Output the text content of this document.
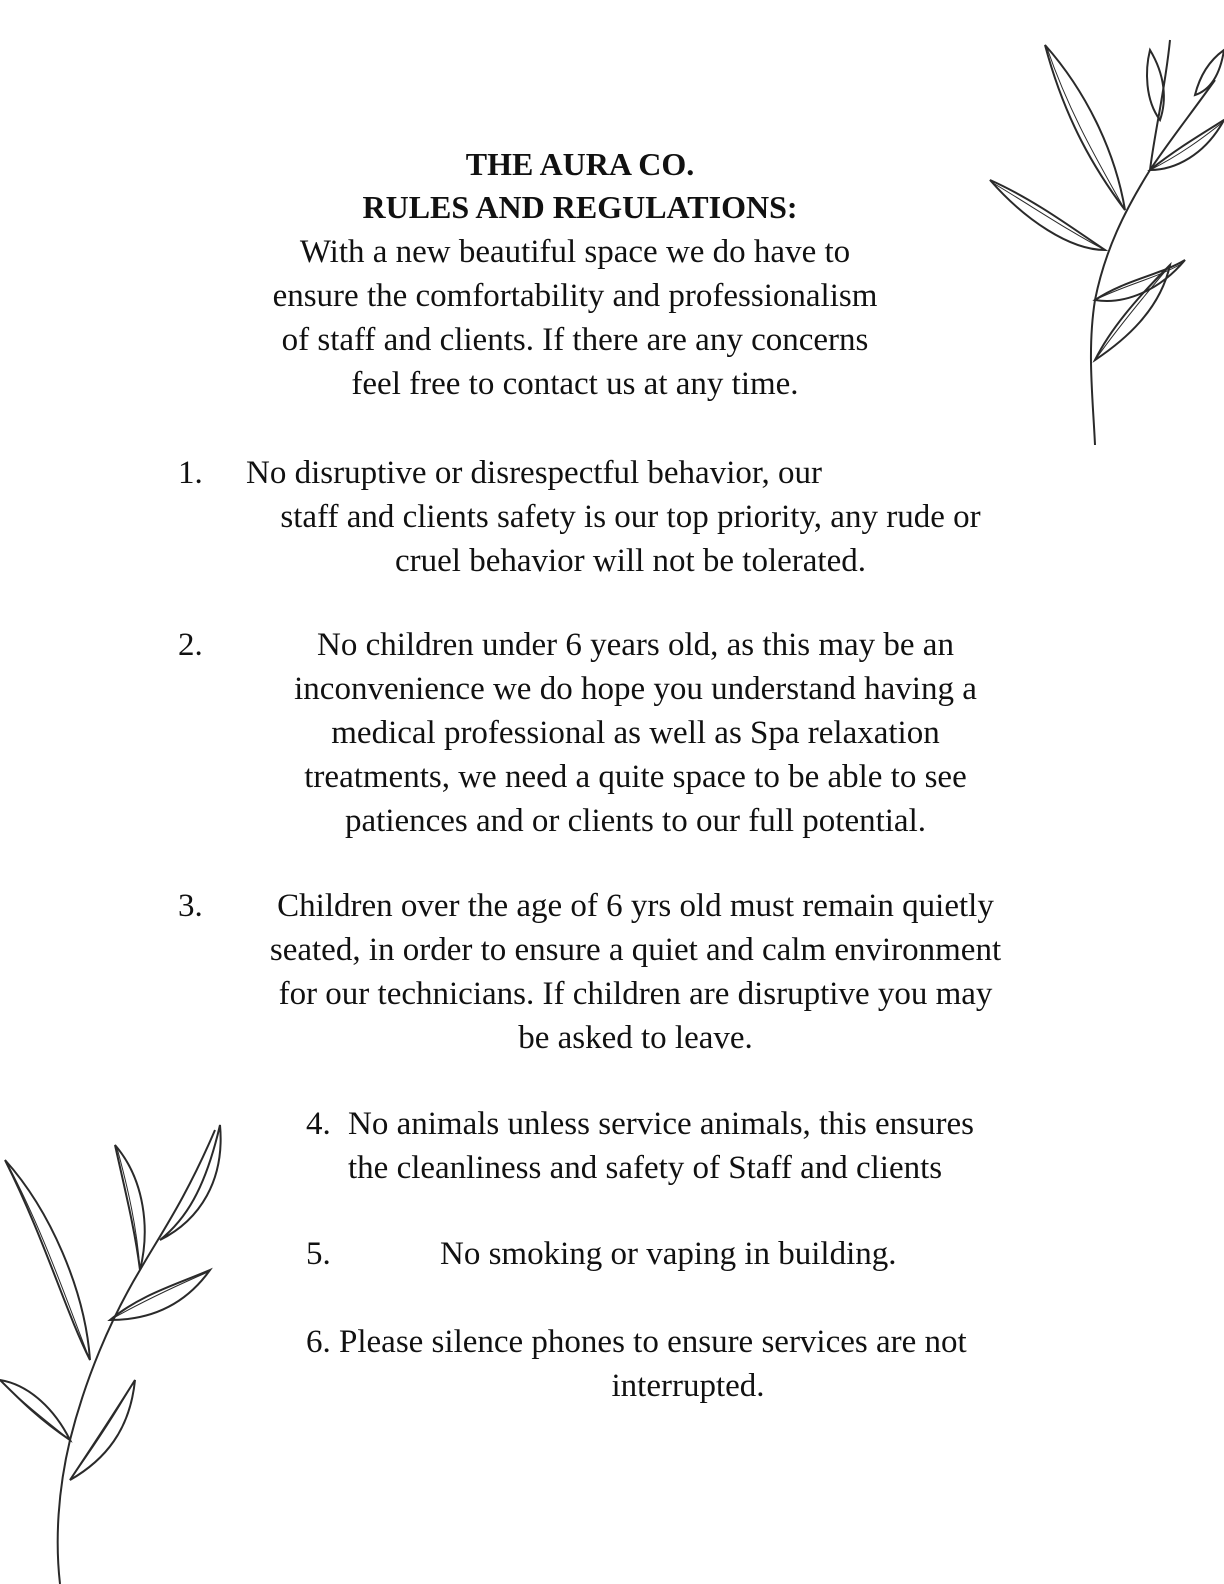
THE AURA CO.
RULES AND REGULATIONS:
With a new beautiful space we do have to
ensure the comfortability and professionalism
of staff and clients. If there are any concerns
feel free to contact us at any time.
1.	No disruptive or disrespectful behavior, our
staff and clients safety is our top priority, any rude or
cruel behavior will not be tolerated.
2.	No children under 6 years old, as this may be an
inconvenience we do hope you understand having a
medical professional as well as Spa relaxation
treatments, we need a quite space to be able to see
patiences and or clients to our full potential.
3.	Children over the age of 6 yrs old must remain quietly
seated, in order to ensure a quiet and calm environment
for our technicians. If children are disruptive you may
be asked to leave.
4. No animals unless service animals, this ensures
the cleanliness and safety of Staff and clients
5.	No smoking or vaping in building.
6. Please silence phones to ensure services are not
interrupted.
